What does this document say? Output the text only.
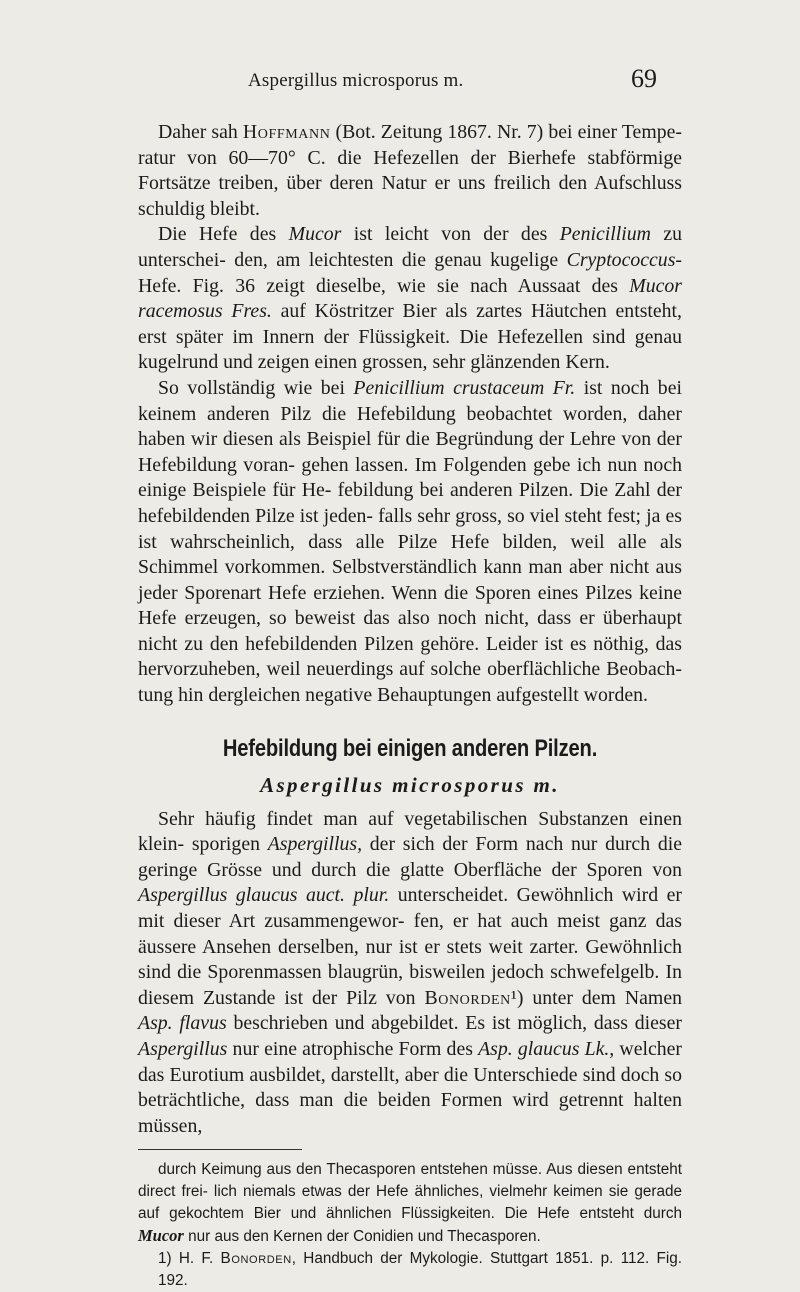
Aspergillus microsporus m.	69

Daher sah Hoffmann (Bot. Zeitung 1867. Nr. 7) bei einer Tempe- ratur von 60—70° C. die Hefezellen der Bierhefe stabförmige Fortsätze treiben, über deren Natur er uns freilich den Aufschluss schuldig bleibt.

Die Hefe des Mucor ist leicht von der des Penicillium zu unterschei- den, am leichtesten die genau kugelige Cryptococcus-Hefe. Fig. 36 zeigt dieselbe, wie sie nach Aussaat des Mucor racemosus Fres. auf Köstritzer Bier als zartes Häutchen entsteht, erst später im Innern der Flüssigkeit. Die Hefezellen sind genau kugelrund und zeigen einen grossen, sehr glänzenden Kern.

So vollständig wie bei Penicillium crustaceum Fr. ist noch bei keinem anderen Pilz die Hefebildung beobachtet worden, daher haben wir diesen als Beispiel für die Begründung der Lehre von der Hefebildung voran- gehen lassen. Im Folgenden gebe ich nun noch einige Beispiele für He- febildung bei anderen Pilzen. Die Zahl der hefebildenden Pilze ist jeden- falls sehr gross, so viel steht fest; ja es ist wahrscheinlich, dass alle Pilze Hefe bilden, weil alle als Schimmel vorkommen. Selbstverständlich kann man aber nicht aus jeder Sporenart Hefe erziehen. Wenn die Sporen eines Pilzes keine Hefe erzeugen, so beweist das also noch nicht, dass er überhaupt nicht zu den hefebildenden Pilzen gehöre. Leider ist es nöthig, das hervorzuheben, weil neuerdings auf solche oberflächliche Beobach- tung hin dergleichen negative Behauptungen aufgestellt worden.

Hefebildung bei einigen anderen Pilzen.
Aspergillus microsporus m.

Sehr häufig findet man auf vegetabilischen Substanzen einen klein- sporigen Aspergillus, der sich der Form nach nur durch die geringe Grösse und durch die glatte Oberfläche der Sporen von Aspergillus glaucus auct. plur. unterscheidet. Gewöhnlich wird er mit dieser Art zusammengewor- fen, er hat auch meist ganz das äussere Ansehen derselben, nur ist er stets weit zarter. Gewöhnlich sind die Sporenmassen blaugrün, bisweilen jedoch schwefelgelb. In diesem Zustande ist der Pilz von Bonorden¹) unter dem Namen Asp. flavus beschrieben und abgebildet. Es ist möglich, dass dieser Aspergillus nur eine atrophische Form des Asp. glaucus Lk., welcher das Eurotium ausbildet, darstellt, aber die Unterschiede sind doch so beträchtliche, dass man die beiden Formen wird getrennt halten müssen,

durch Keimung aus den Thecasporen entstehen müsse. Aus diesen entsteht direct frei- lich niemals etwas der Hefe ähnliches, vielmehr keimen sie gerade auf gekochtem Bier und ähnlichen Flüssigkeiten. Die Hefe entsteht durch Mucor nur aus den Kernen der Conidien und Thecasporen.

1) H. F. Bonorden, Handbuch der Mykologie. Stuttgart 1851. p. 112. Fig. 192.
